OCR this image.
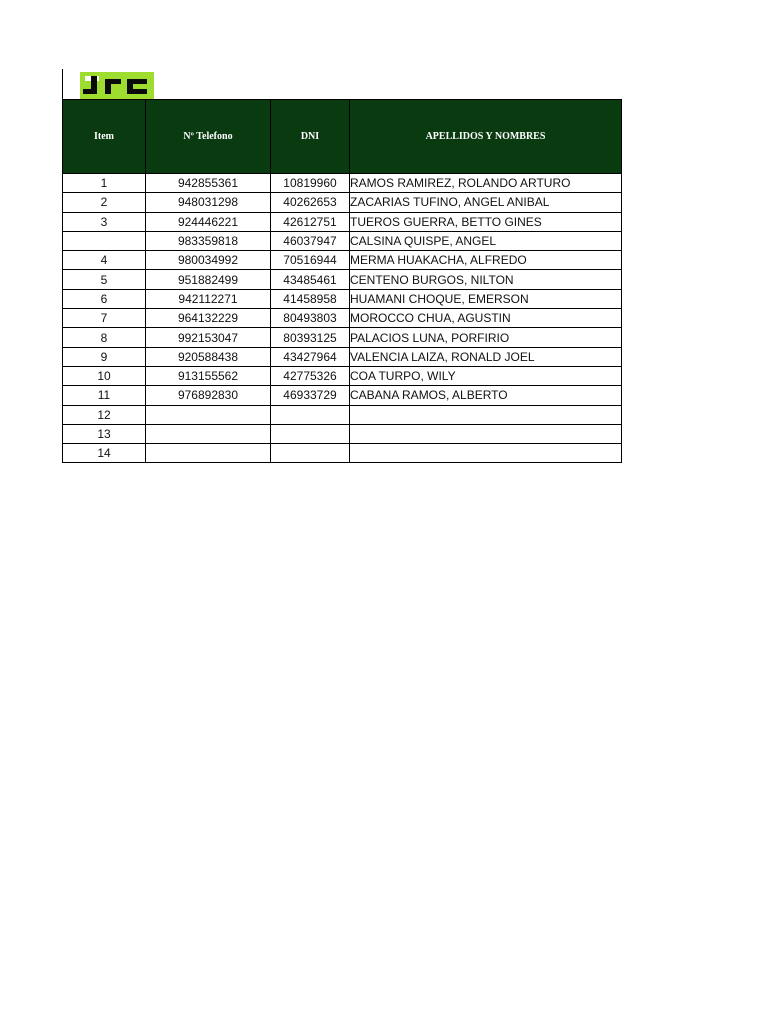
Item	Nº Telefono	DNI	APELLIDOS Y NOMBRES
1	942855361	10819960	RAMOS RAMIREZ, ROLANDO ARTURO
2	948031298	40262653	ZACARIAS TUFINO, ANGEL ANIBAL
3	924446221	42612751	TUEROS GUERRA, BETTO GINES
	983359818	46037947	CALSINA QUISPE, ANGEL
4	980034992	70516944	MERMA HUAKACHA, ALFREDO
5	951882499	43485461	CENTENO BURGOS, NILTON
6	942112271	41458958	HUAMANI CHOQUE, EMERSON
7	964132229	80493803	MOROCCO CHUA, AGUSTIN
8	992153047	80393125	PALACIOS LUNA, PORFIRIO
9	920588438	43427964	VALENCIA LAIZA, RONALD JOEL
10	913155562	42775326	COA TURPO, WILY
11	976892830	46933729	CABANA RAMOS, ALBERTO
12			
13			
14			
